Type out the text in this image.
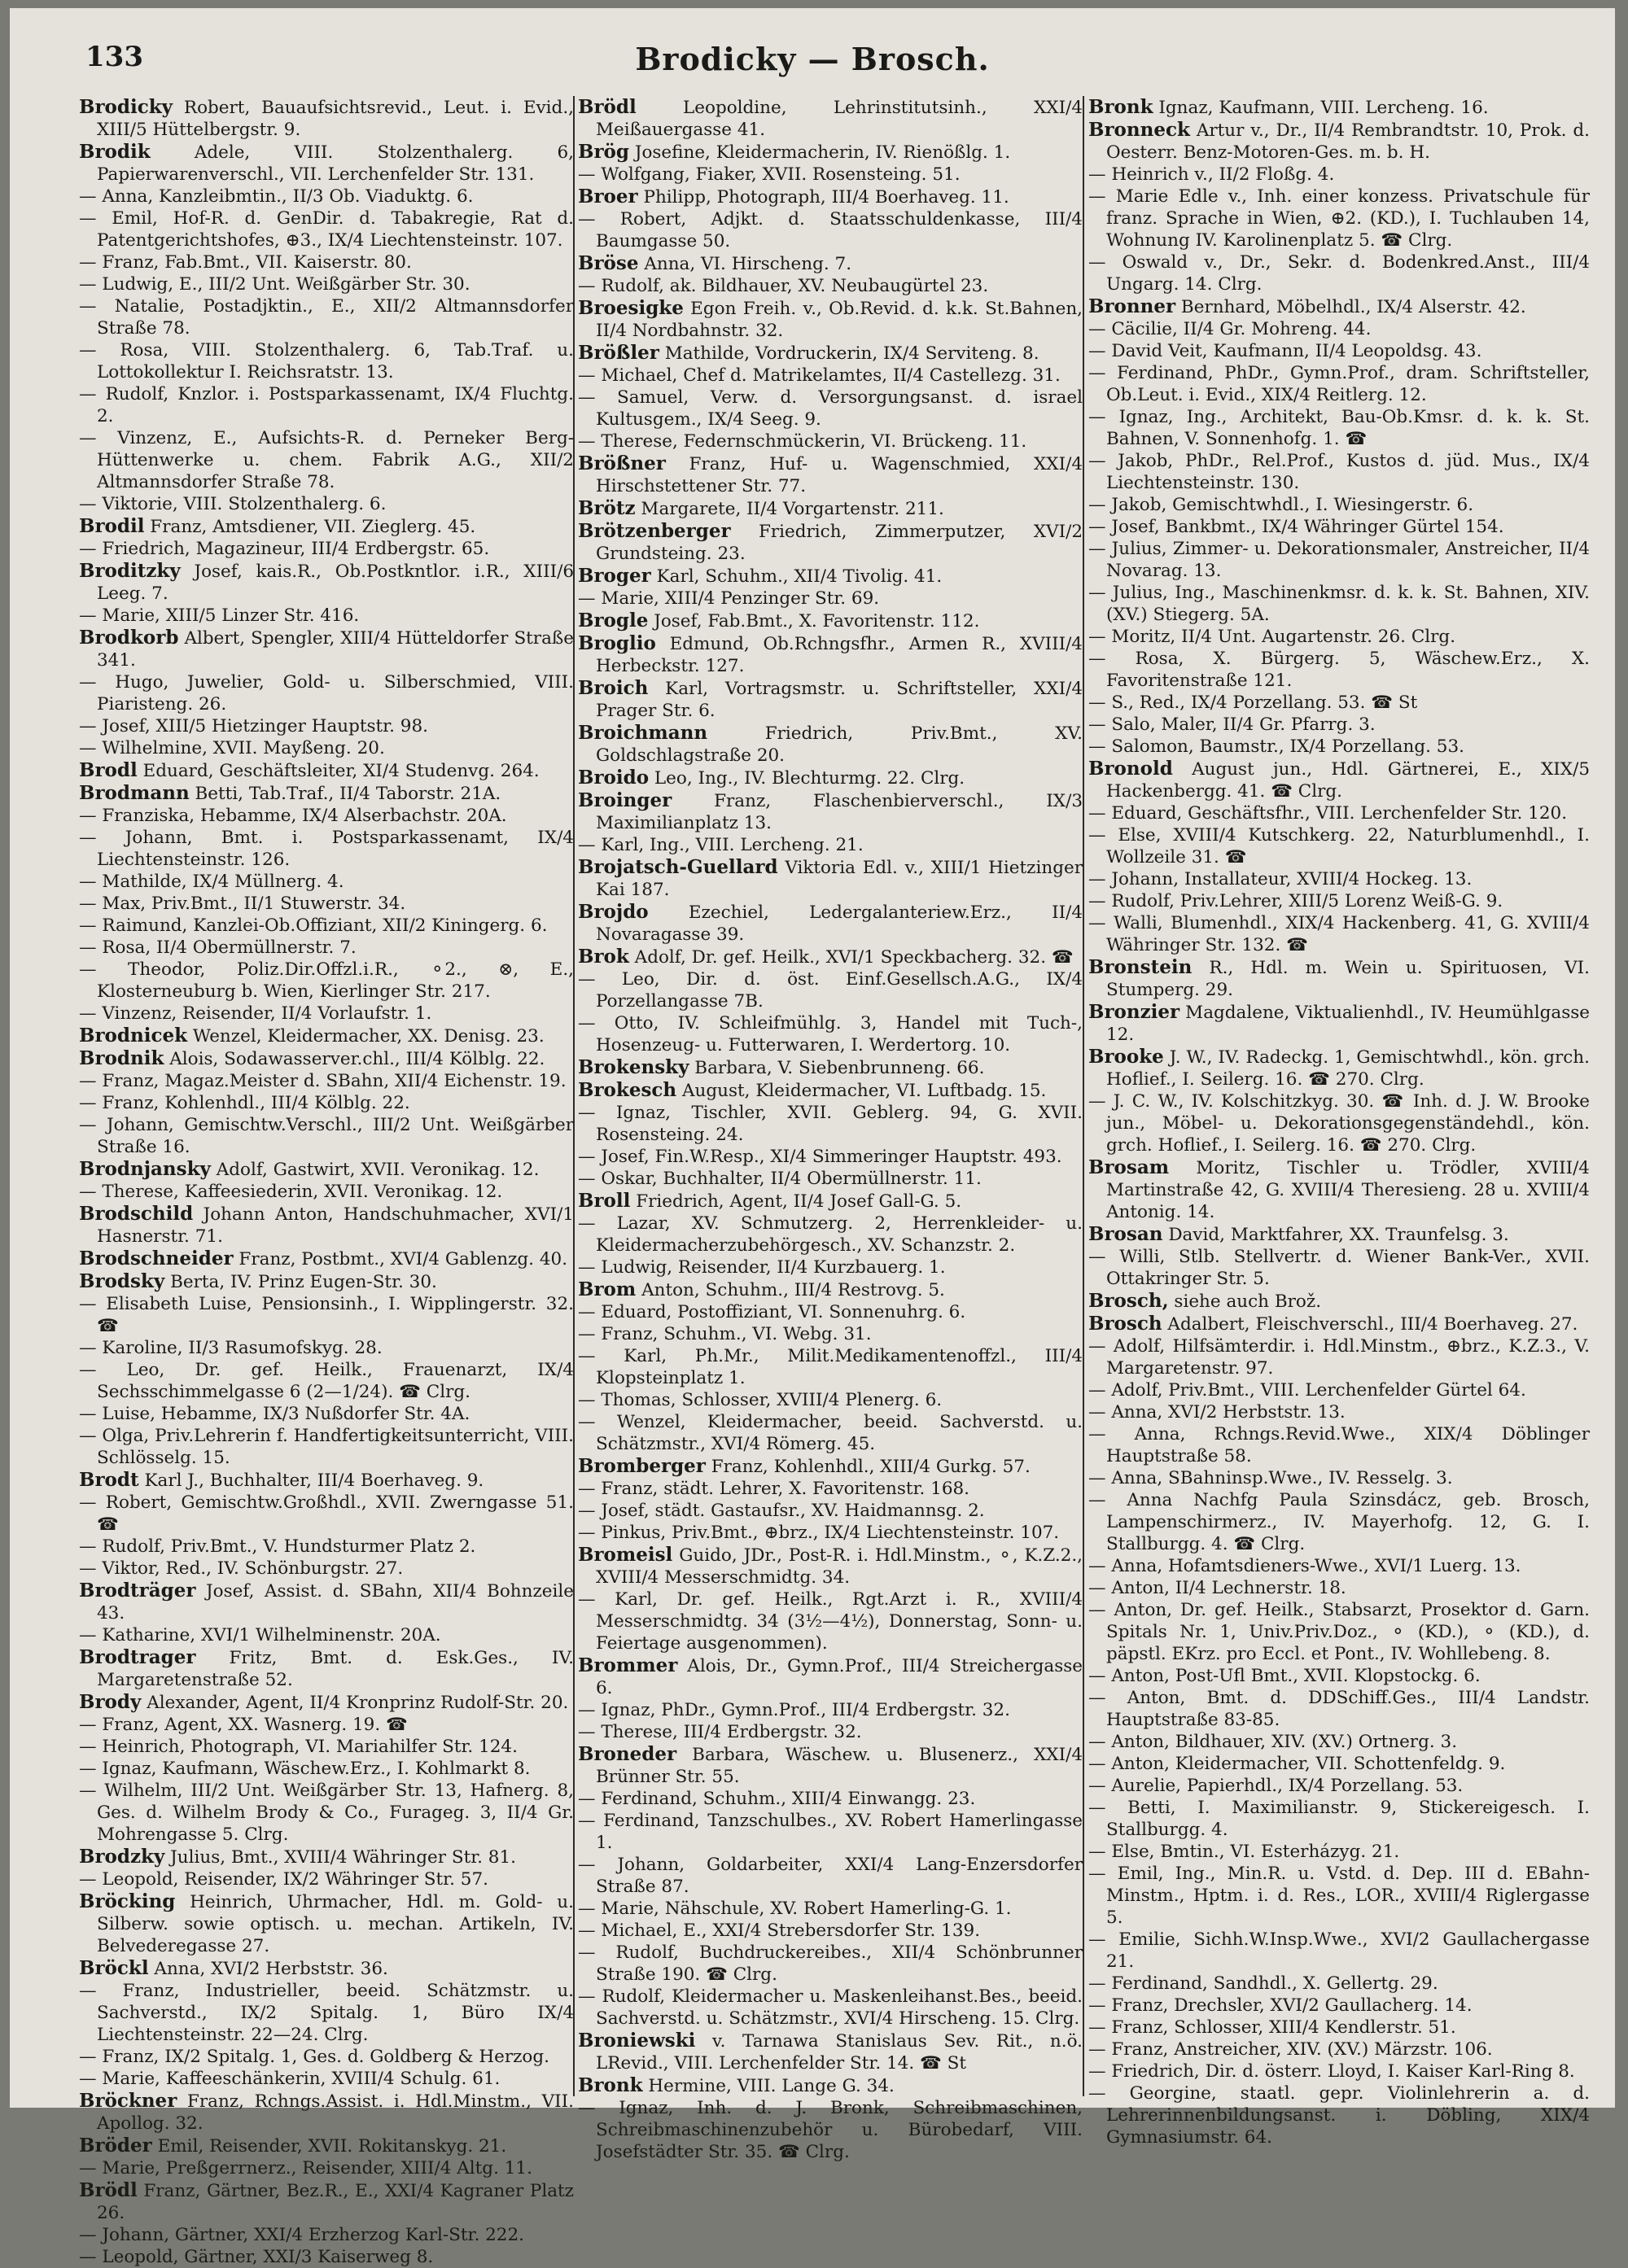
133	Brodicky — Brosch.
Brodicky Robert, Bauaufsichtsrevid., Leut. i. Evid., XIII/5 Hüttelbergstr. 9.
Brodik Adele, VIII. Stolzenthalerg. 6, Papierwarenverschl., VII. Lerchenfelder Str. 131.
— Anna, Kanzleibmtin., II/3 Ob. Viaduktg. 6.
— Emil, Hof-R. d. GenDir. d. Tabakregie, Rat d. Patentgerichtshofes, ⊕3., IX/4 Liechtensteinstr. 107.
— Franz, Fab.Bmt., VII. Kaiserstr. 80.
— Ludwig, E., III/2 Unt. Weißgärber Str. 30.
— Natalie, Postadjktin., E., XII/2 Altmannsdorfer Straße 78.
— Rosa, VIII. Stolzenthalerg. 6, Tab.Traf. u. Lottokollektur I. Reichsratstr. 13.
— Rudolf, Knzlor. i. Postsparkassenamt, IX/4 Fluchtg. 2.
— Vinzenz, E., Aufsichts-R. d. Perneker Berg-Hüttenwerke u. chem. Fabrik A.G., XII/2 Altmannsdorfer Straße 78.
— Viktorie, VIII. Stolzenthalerg. 6.
Brodil Franz, Amtsdiener, VII. Zieglerg. 45.
— Friedrich, Magazineur, III/4 Erdbergstr. 65.
Broditzky Josef, kais.R., Ob.Postkntlor. i.R., XIII/6 Leeg. 7.
— Marie, XIII/5 Linzer Str. 416.
Brodkorb Albert, Spengler, XIII/4 Hütteldorfer Straße 341.
— Hugo, Juwelier, Gold- u. Silberschmied, VIII. Piaristeng. 26.
— Josef, XIII/5 Hietzinger Hauptstr. 98.
— Wilhelmine, XVII. Mayßeng. 20.
Brodl Eduard, Geschäftsleiter, XI/4 Studenvg. 264.
Brodmann Betti, Tab.Traf., II/4 Taborstr. 21A.
— Franziska, Hebamme, IX/4 Alserbachstr. 20A.
— Johann, Bmt. i. Postsparkassenamt, IX/4 Liechtensteinstr. 126.
— Mathilde, IX/4 Müllnerg. 4.
— Max, Priv.Bmt., II/1 Stuwerstr. 34.
— Raimund, Kanzlei-Ob.Offiziant, XII/2 Kiningerg. 6.
— Rosa, II/4 Obermüllnerstr. 7.
— Theodor, Poliz.Dir.Offzl.i.R., ⚬2., ⊗, E., Klosterneuburg b. Wien, Kierlinger Str. 217.
— Vinzenz, Reisender, II/4 Vorlaufstr. 1.
Brodnicek Wenzel, Kleidermacher, XX. Denisg. 23.
Brodnik Alois, Sodawasserver.chl., III/4 Kölblg. 22.
— Franz, Magaz.Meister d. SBahn, XII/4 Eichenstr. 19.
— Franz, Kohlenhdl., III/4 Kölblg. 22.
— Johann, Gemischtw.Verschl., III/2 Unt. Weißgärber Straße 16.
Brodnjansky Adolf, Gastwirt, XVII. Veronikag. 12.
— Therese, Kaffeesiederin, XVII. Veronikag. 12.
Brodschild Johann Anton, Handschuhmacher, XVI/1 Hasnerstr. 71.
Brodschneider Franz, Postbmt., XVI/4 Gablenzg. 40.
Brodsky Berta, IV. Prinz Eugen-Str. 30.
— Elisabeth Luise, Pensionsinh., I. Wipplingerstr. 32. ☎
— Karoline, II/3 Rasumofskyg. 28.
— Leo, Dr. gef. Heilk., Frauenarzt, IX/4 Sechsschimmelgasse 6 (2—1/24). ☎ Clrg.
— Luise, Hebamme, IX/3 Nußdorfer Str. 4A.
— Olga, Priv.Lehrerin f. Handfertigkeitsunterricht, VIII. Schlösselg. 15.
Brodt Karl J., Buchhalter, III/4 Boerhaveg. 9.
— Robert, Gemischtw.Großhdl., XVII. Zwerngasse 51. ☎
— Rudolf, Priv.Bmt., V. Hundsturmer Platz 2.
— Viktor, Red., IV. Schönburgstr. 27.
Brodträger Josef, Assist. d. SBahn, XII/4 Bohnzeile 43.
— Katharine, XVI/1 Wilhelminenstr. 20A.
Brodtrager Fritz, Bmt. d. Esk.Ges., IV. Margaretenstraße 52.
Brody Alexander, Agent, II/4 Kronprinz Rudolf-Str. 20.
— Franz, Agent, XX. Wasnerg. 19. ☎
— Heinrich, Photograph, VI. Mariahilfer Str. 124.
— Ignaz, Kaufmann, Wäschew.Erz., I. Kohlmarkt 8.
— Wilhelm, III/2 Unt. Weißgärber Str. 13, Hafnerg. 8, Ges. d. Wilhelm Brody & Co., Furageg. 3, II/4 Gr. Mohrengasse 5. Clrg.
Brodzky Julius, Bmt., XVIII/4 Währinger Str. 81.
— Leopold, Reisender, IX/2 Währinger Str. 57.
Bröcking Heinrich, Uhrmacher, Hdl. m. Gold- u. Silberw. sowie optisch. u. mechan. Artikeln, IV. Belvederegasse 27.
Bröckl Anna, XVI/2 Herbststr. 36.
— Franz, Industrieller, beeid. Schätzmstr. u. Sachverstd., IX/2 Spitalg. 1, Büro IX/4 Liechtensteinstr. 22—24. Clrg.
— Franz, IX/2 Spitalg. 1, Ges. d. Goldberg & Herzog.
— Marie, Kaffeeschänkerin, XVIII/4 Schulg. 61.
Bröckner Franz, Rchngs.Assist. i. Hdl.Minstm., VII. Apollog. 32.
Bröder Emil, Reisender, XVII. Rokitanskyg. 21.
— Marie, Preßgerrnerz., Reisender, XIII/4 Altg. 11.
Brödl Franz, Gärtner, Bez.R., E., XXI/4 Kagraner Platz 26.
— Johann, Gärtner, XXI/4 Erzherzog Karl-Str. 222.
— Leopold, Gärtner, XXI/3 Kaiserweg 8.
Brödl Leopoldine, Lehrinstitutsinh., XXI/4 Meißauergasse 41.
Brög Josefine, Kleidermacherin, IV. Rienößlg. 1.
— Wolfgang, Fiaker, XVII. Rosensteing. 51.
Broer Philipp, Photograph, III/4 Boerhaveg. 11.
— Robert, Adjkt. d. Staatsschuldenkasse, III/4 Baumgasse 50.
Bröse Anna, VI. Hirscheng. 7.
— Rudolf, ak. Bildhauer, XV. Neubaugürtel 23.
Broesigke Egon Freih. v., Ob.Revid. d. k.k. St.Bahnen, II/4 Nordbahnstr. 32.
Brößler Mathilde, Vordruckerin, IX/4 Serviteng. 8.
— Michael, Chef d. Matrikelamtes, II/4 Castellezg. 31.
— Samuel, Verw. d. Versorgungsanst. d. israel Kultusgem., IX/4 Seeg. 9.
— Therese, Federnschmückerin, VI. Brückeng. 11.
Brößner Franz, Huf- u. Wagenschmied, XXI/4 Hirschstettener Str. 77.
Brötz Margarete, II/4 Vorgartenstr. 211.
Brötzenberger Friedrich, Zimmerputzer, XVI/2 Grundsteing. 23.
Broger Karl, Schuhm., XII/4 Tivolig. 41.
— Marie, XIII/4 Penzinger Str. 69.
Brogle Josef, Fab.Bmt., X. Favoritenstr. 112.
Broglio Edmund, Ob.Rchngsfhr., Armen R., XVIII/4 Herbeckstr. 127.
Broich Karl, Vortragsmstr. u. Schriftsteller, XXI/4 Prager Str. 6.
Broichmann Friedrich, Priv.Bmt., XV. Goldschlagstraße 20.
Broido Leo, Ing., IV. Blechturmg. 22. Clrg.
Broinger Franz, Flaschenbierverschl., IX/3 Maximilianplatz 13.
— Karl, Ing., VIII. Lercheng. 21.
Brojatsch-Guellard Viktoria Edl. v., XIII/1 Hietzinger Kai 187.
Brojdo Ezechiel, Ledergalanteriew.Erz., II/4 Novaragasse 39.
Brok Adolf, Dr. gef. Heilk., XVI/1 Speckbacherg. 32. ☎
— Leo, Dir. d. öst. Einf.Gesellsch.A.G., IX/4 Porzellangasse 7B.
— Otto, IV. Schleifmühlg. 3, Handel mit Tuch-, Hosenzeug- u. Futterwaren, I. Werdertorg. 10.
Brokensky Barbara, V. Siebenbrunneng. 66.
Brokesch August, Kleidermacher, VI. Luftbadg. 15.
— Ignaz, Tischler, XVII. Geblerg. 94, G. XVII. Rosensteing. 24.
— Josef, Fin.W.Resp., XI/4 Simmeringer Hauptstr. 493.
— Oskar, Buchhalter, II/4 Obermüllnerstr. 11.
Broll Friedrich, Agent, II/4 Josef Gall-G. 5.
— Lazar, XV. Schmutzerg. 2, Herrenkleider- u. Kleidermacherzubehörgesch., XV. Schanzstr. 2.
— Ludwig, Reisender, II/4 Kurzbauerg. 1.
Brom Anton, Schuhm., III/4 Restrovg. 5.
— Eduard, Postoffiziant, VI. Sonnenuhrg. 6.
— Franz, Schuhm., VI. Webg. 31.
— Karl, Ph.Mr., Milit.Medikamentenoffzl., III/4 Klopsteinplatz 1.
— Thomas, Schlosser, XVIII/4 Plenerg. 6.
— Wenzel, Kleidermacher, beeid. Sachverstd. u. Schätzmstr., XVI/4 Römerg. 45.
Bromberger Franz, Kohlenhdl., XIII/4 Gurkg. 57.
— Franz, städt. Lehrer, X. Favoritenstr. 168.
— Josef, städt. Gastaufsr., XV. Haidmannsg. 2.
— Pinkus, Priv.Bmt., ⊕brz., IX/4 Liechtensteinstr. 107.
Bromeisl Guido, JDr., Post-R. i. Hdl.Minstm., ⚬, K.Z.2., XVIII/4 Messerschmidtg. 34.
— Karl, Dr. gef. Heilk., Rgt.Arzt i. R., XVIII/4 Messerschmidtg. 34 (3½—4½), Donnerstag, Sonn- u. Feiertage ausgenommen).
Brommer Alois, Dr., Gymn.Prof., III/4 Streichergasse 6.
— Ignaz, PhDr., Gymn.Prof., III/4 Erdbergstr. 32.
— Therese, III/4 Erdbergstr. 32.
Broneder Barbara, Wäschew. u. Blusenerz., XXI/4 Brünner Str. 55.
— Ferdinand, Schuhm., XIII/4 Einwangg. 23.
— Ferdinand, Tanzschulbes., XV. Robert Hamerlingasse 1.
— Johann, Goldarbeiter, XXI/4 Lang-Enzersdorfer Straße 87.
— Marie, Nähschule, XV. Robert Hamerling-G. 1.
— Michael, E., XXI/4 Strebersdorfer Str. 139.
— Rudolf, Buchdruckereibes., XII/4 Schönbrunner Straße 190. ☎ Clrg.
— Rudolf, Kleidermacher u. Maskenleihanst.Bes., beeid. Sachverstd. u. Schätzmstr., XVI/4 Hirscheng. 15. Clrg.
Broniewski v. Tarnawa Stanislaus Sev. Rit., n.ö. LRevid., VIII. Lerchenfelder Str. 14. ☎ St
Bronk Hermine, VIII. Lange G. 34.
— Ignaz, Inh. d. J. Bronk, Schreibmaschinen, Schreibmaschinenzubehör u. Bürobedarf, VIII. Josefstädter Str. 35. ☎ Clrg.
Bronk Ignaz, Kaufmann, VIII. Lercheng. 16.
Bronneck Artur v., Dr., II/4 Rembrandtstr. 10, Prok. d. Oesterr. Benz-Motoren-Ges. m. b. H.
— Heinrich v., II/2 Floßg. 4.
— Marie Edle v., Inh. einer konzess. Privatschule für franz. Sprache in Wien, ⊕2. (KD.), I. Tuchlauben 14, Wohnung IV. Karolinenplatz 5. ☎ Clrg.
— Oswald v., Dr., Sekr. d. Bodenkred.Anst., III/4 Ungarg. 14. Clrg.
Bronner Bernhard, Möbelhdl., IX/4 Alserstr. 42.
— Cäcilie, II/4 Gr. Mohreng. 44.
— David Veit, Kaufmann, II/4 Leopoldsg. 43.
— Ferdinand, PhDr., Gymn.Prof., dram. Schriftsteller, Ob.Leut. i. Evid., XIX/4 Reitlerg. 12.
— Ignaz, Ing., Architekt, Bau-Ob.Kmsr. d. k. k. St. Bahnen, V. Sonnenhofg. 1. ☎
— Jakob, PhDr., Rel.Prof., Kustos d. jüd. Mus., IX/4 Liechtensteinstr. 130.
— Jakob, Gemischtwhdl., I. Wiesingerstr. 6.
— Josef, Bankbmt., IX/4 Währinger Gürtel 154.
— Julius, Zimmer- u. Dekorationsmaler, Anstreicher, II/4 Novarag. 13.
— Julius, Ing., Maschinenkmsr. d. k. k. St. Bahnen, XIV. (XV.) Stiegerg. 5A.
— Moritz, II/4 Unt. Augartenstr. 26. Clrg.
— Rosa, X. Bürgerg. 5, Wäschew.Erz., X. Favoritenstraße 121.
— S., Red., IX/4 Porzellang. 53. ☎ St
— Salo, Maler, II/4 Gr. Pfarrg. 3.
— Salomon, Baumstr., IX/4 Porzellang. 53.
Bronold August jun., Hdl. Gärtnerei, E., XIX/5 Hackenbergg. 41. ☎ Clrg.
— Eduard, Geschäftsfhr., VIII. Lerchenfelder Str. 120.
— Else, XVIII/4 Kutschkerg. 22, Naturblumenhdl., I. Wollzeile 31. ☎
— Johann, Installateur, XVIII/4 Hockeg. 13.
— Rudolf, Priv.Lehrer, XIII/5 Lorenz Weiß-G. 9.
— Walli, Blumenhdl., XIX/4 Hackenberg. 41, G. XVIII/4 Währinger Str. 132. ☎
Bronstein R., Hdl. m. Wein u. Spirituosen, VI. Stumperg. 29.
Bronzier Magdalene, Viktualienhdl., IV. Heumühlgasse 12.
Brooke J. W., IV. Radeckg. 1, Gemischtwhdl., kön. grch. Hoflief., I. Seilerg. 16. ☎ 270. Clrg.
— J. C. W., IV. Kolschitzkyg. 30. ☎ Inh. d. J. W. Brooke jun., Möbel- u. Dekorationsgegenständehdl., kön. grch. Hoflief., I. Seilerg. 16. ☎ 270. Clrg.
Brosam Moritz, Tischler u. Trödler, XVIII/4 Martinstraße 42, G. XVIII/4 Theresieng. 28 u. XVIII/4 Antonig. 14.
Brosan David, Marktfahrer, XX. Traunfelsg. 3.
— Willi, Stlb. Stellvertr. d. Wiener Bank-Ver., XVII. Ottakringer Str. 5.
Brosch, siehe auch Brož.
Brosch Adalbert, Fleischverschl., III/4 Boerhaveg. 27.
— Adolf, Hilfsämterdir. i. Hdl.Minstm., ⊕brz., K.Z.3., V. Margaretenstr. 97.
— Adolf, Priv.Bmt., VIII. Lerchenfelder Gürtel 64.
— Anna, XVI/2 Herbststr. 13.
— Anna, Rchngs.Revid.Wwe., XIX/4 Döblinger Hauptstraße 58.
— Anna, SBahninsp.Wwe., IV. Resselg. 3.
— Anna Nachfg Paula Szinsdácz, geb. Brosch, Lampenschirmerz., IV. Mayerhofg. 12, G. I. Stallburgg. 4. ☎ Clrg.
— Anna, Hofamtsdieners-Wwe., XVI/1 Luerg. 13.
— Anton, II/4 Lechnerstr. 18.
— Anton, Dr. gef. Heilk., Stabsarzt, Prosektor d. Garn. Spitals Nr. 1, Univ.Priv.Doz., ⚬ (KD.), ⚬ (KD.), d. päpstl. EKrz. pro Eccl. et Pont., IV. Wohllebeng. 8.
— Anton, Post-Ufl Bmt., XVII. Klopstockg. 6.
— Anton, Bmt. d. DDSchiff.Ges., III/4 Landstr. Hauptstraße 83-85.
— Anton, Bildhauer, XIV. (XV.) Ortnerg. 3.
— Anton, Kleidermacher, VII. Schottenfeldg. 9.
— Aurelie, Papierhdl., IX/4 Porzellang. 53.
— Betti, I. Maximilianstr. 9, Stickereigesch. I. Stallburgg. 4.
— Else, Bmtin., VI. Esterházyg. 21.
— Emil, Ing., Min.R. u. Vstd. d. Dep. III d. EBahn-Minstm., Hptm. i. d. Res., LOR., XVIII/4 Riglergasse 5.
— Emilie, Sichh.W.Insp.Wwe., XVI/2 Gaullachergasse 21.
— Ferdinand, Sandhdl., X. Gellertg. 29.
— Franz, Drechsler, XVI/2 Gaullacherg. 14.
— Franz, Schlosser, XIII/4 Kendlerstr. 51.
— Franz, Anstreicher, XIV. (XV.) Märzstr. 106.
— Friedrich, Dir. d. österr. Lloyd, I. Kaiser Karl-Ring 8.
— Georgine, staatl. gepr. Violinlehrerin a. d. Lehrerinnenbildungsanst. i. Döbling, XIX/4 Gymnasiumstr. 64.
